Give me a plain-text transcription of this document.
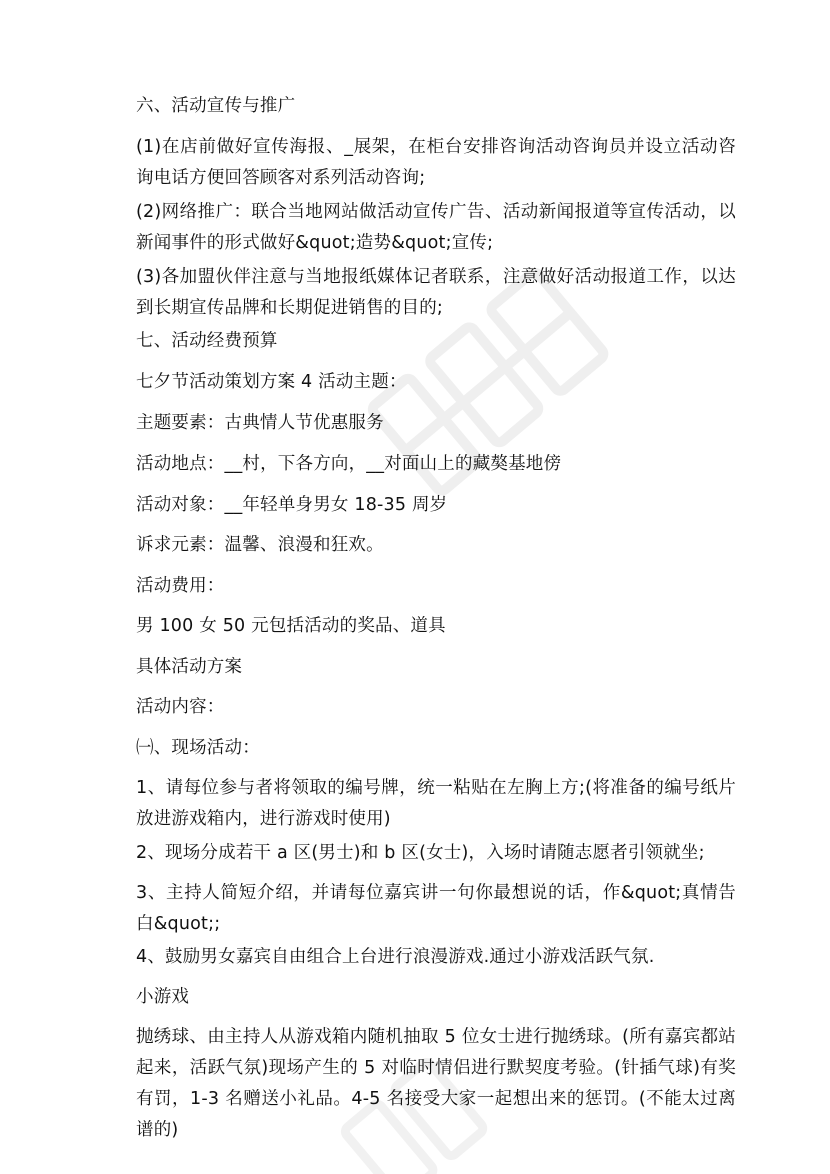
六、活动宣传与推广
(1)在店前做好宣传海报、_展架，在柜台安排咨询活动咨询员并设立活动咨询电话方便回答顾客对系列活动咨询;
(2)网络推广：联合当地网站做活动宣传广告、活动新闻报道等宣传活动，以新闻事件的形式做好&quot;造势&quot;宣传;
(3)各加盟伙伴注意与当地报纸媒体记者联系，注意做好活动报道工作，以达到长期宣传品牌和长期促进销售的目的;
七、活动经费预算
七夕节活动策划方案 4 活动主题：
主题要素：古典情人节优惠服务
活动地点：__村，下各方向，__对面山上的藏獒基地傍
活动对象：__年轻单身男女 18-35 周岁
诉求元素：温馨、浪漫和狂欢。
活动费用：
男 100 女 50 元包括活动的奖品、道具
具体活动方案
活动内容：
㈠、现场活动：
1、请每位参与者将领取的编号牌，统一粘贴在左胸上方;(将准备的编号纸片放进游戏箱内，进行游戏时使用)
2、现场分成若干 a 区(男士)和 b 区(女士)，入场时请随志愿者引领就坐;
3、主持人简短介绍，并请每位嘉宾讲一句你最想说的话，作&quot;真情告白&quot;;
4、鼓励男女嘉宾自由组合上台进行浪漫游戏.通过小游戏活跃气氛.
小游戏
抛绣球、由主持人从游戏箱内随机抽取 5 位女士进行抛绣球。(所有嘉宾都站起来，活跃气氛)现场产生的 5 对临时情侣进行默契度考验。(针插气球)有奖有罚，1-3 名赠送小礼品。4-5 名接受大家一起想出来的惩罚。(不能太过离谱的)
